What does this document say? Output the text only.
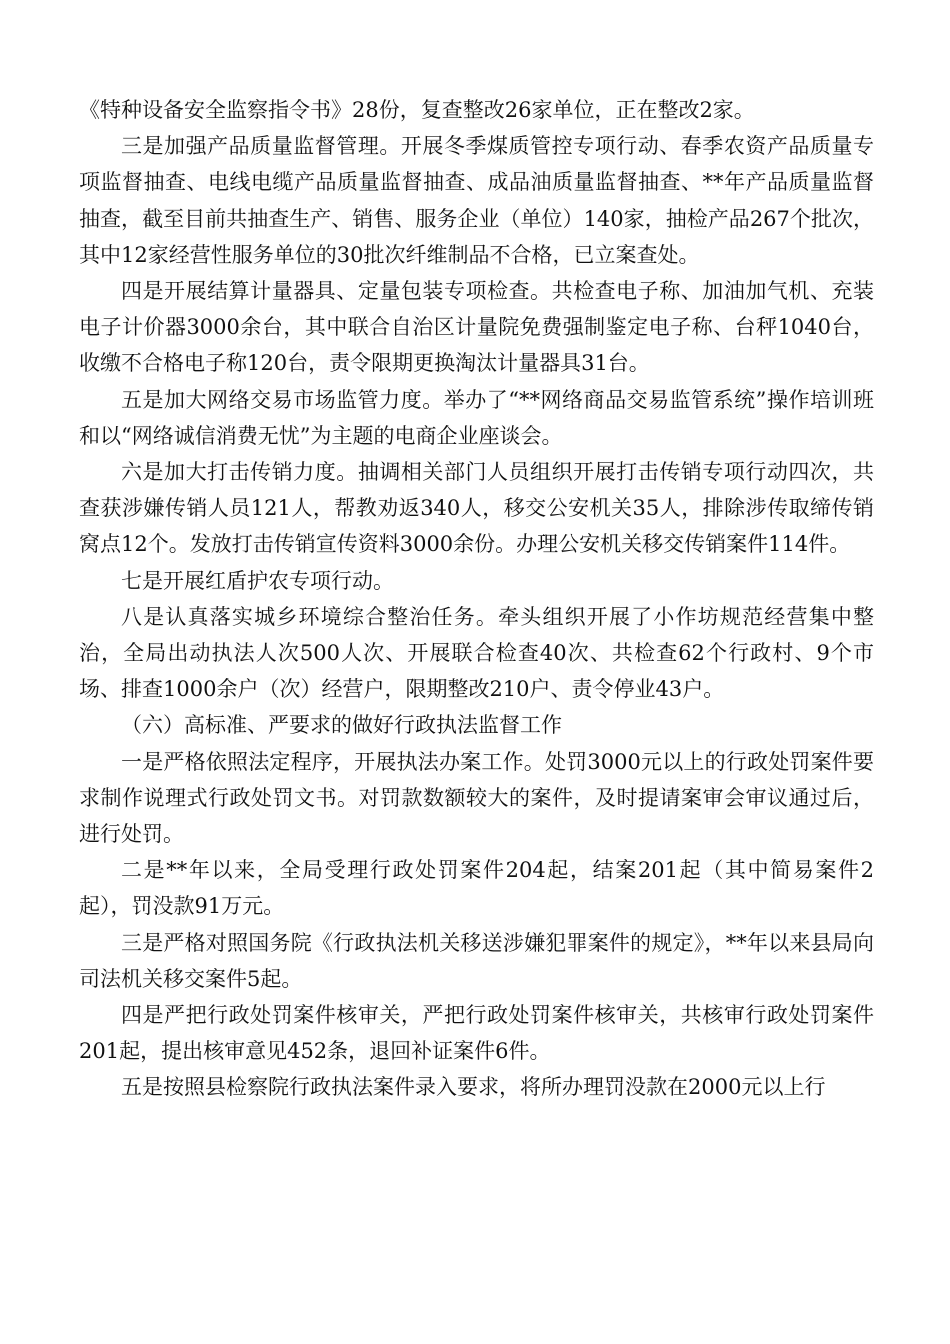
《特种设备安全监察指令书》28份，复查整改26家单位，正在整改2家。

三是加强产品质量监督管理。开展冬季煤质管控专项行动、春季农资产品质量专项监督抽查、电线电缆产品质量监督抽查、成品油质量监督抽查、**年产品质量监督抽查，截至目前共抽查生产、销售、服务企业（单位）140家，抽检产品267个批次，其中12家经营性服务单位的30批次纤维制品不合格，已立案查处。

四是开展结算计量器具、定量包装专项检查。共检查电子称、加油加气机、充装电子计价器3000余台，其中联合自治区计量院免费强制鉴定电子称、台秤1040台，收缴不合格电子称120台，责令限期更换淘汰计量器具31台。

五是加大网络交易市场监管力度。举办了“**网络商品交易监管系统”操作培训班和以“网络诚信消费无忧”为主题的电商企业座谈会。

六是加大打击传销力度。抽调相关部门人员组织开展打击传销专项行动四次，共查获涉嫌传销人员121人，帮教劝返340人，移交公安机关35人，排除涉传取缔传销窝点12个。发放打击传销宣传资料3000余份。办理公安机关移交传销案件114件。

七是开展红盾护农专项行动。

八是认真落实城乡环境综合整治任务。牵头组织开展了小作坊规范经营集中整治，全局出动执法人次500人次、开展联合检查40次、共检查62个行政村、9个市场、排查1000余户（次）经营户，限期整改210户、责令停业43户。

（六）高标准、严要求的做好行政执法监督工作

一是严格依照法定程序，开展执法办案工作。处罚3000元以上的行政处罚案件要求制作说理式行政处罚文书。对罚款数额较大的案件，及时提请案审会审议通过后，进行处罚。

二是**年以来，全局受理行政处罚案件204起，结案201起（其中简易案件2起），罚没款91万元。

三是严格对照国务院《行政执法机关移送涉嫌犯罪案件的规定》，**年以来县局向司法机关移交案件5起。

四是严把行政处罚案件核审关，严把行政处罚案件核审关，共核审行政处罚案件201起，提出核审意见452条，退回补证案件6件。

五是按照县检察院行政执法案件录入要求，将所办理罚没款在2000元以上行
